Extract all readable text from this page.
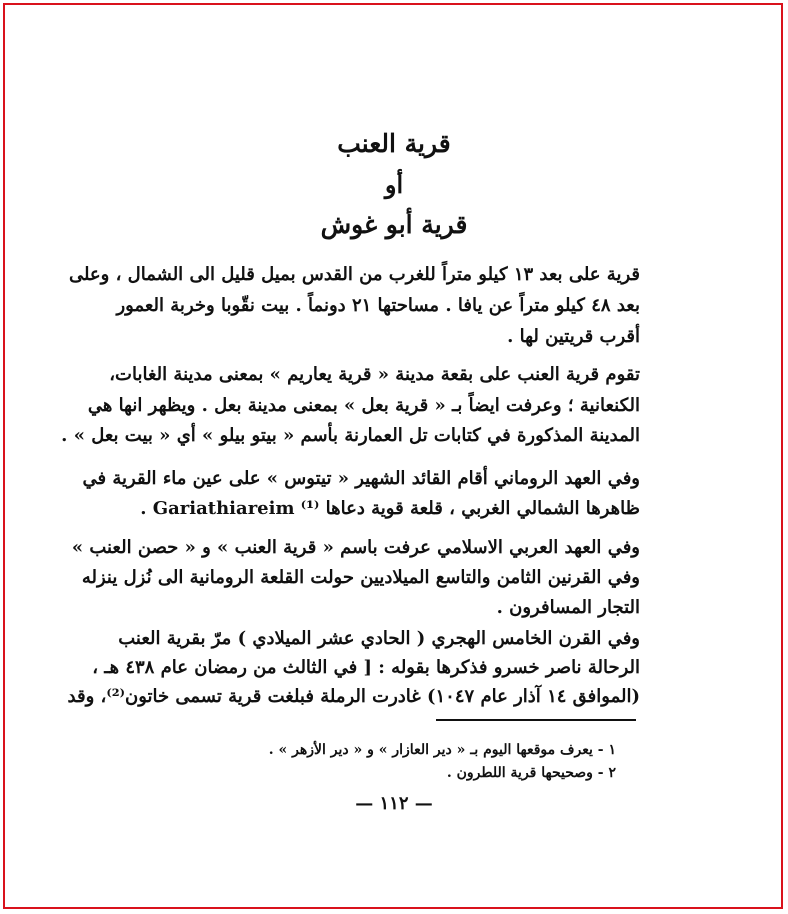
قرية العنب
أو
قرية أبو غوش

قرية على بعد ١٣ كيلو متراً للغرب من القدس بميل قليل الى الشمال ، وعلى

بعد ٤٨ كيلو متراً عن يافا . مساحتها ٢١ دونماً . بيت نقّوبا وخربة العمور

أقرب قريتين لها .

تقوم قرية العنب على بقعة مدينة « قرية يعاريم » بمعنى مدينة الغابات،

الكنعانية ؛ وعرفت ايضاً بـ « قرية بعل » بمعنى مدينة بعل . ويظهر انها هي

المدينة المذكورة في كتابات تل العمارنة بأسم « بيتو بيلو » أي « بيت بعل » .

وفي العهد الروماني أقام القائد الشهير « تيتوس » على عين ماء القرية في

ظاهرها الشمالي الغربي ، قلعة قوية دعاها Gariathiareim ⁽¹⁾ .

وفي العهد العربي الاسلامي عرفت باسم « قرية العنب » و « حصن العنب »

وفي القرنين الثامن والتاسع الميلاديين حولت القلعة الرومانية الى نُزل ينزله

التجار المسافرون .

وفي القرن الخامس الهجري ( الحادي عشر الميلادي ) مرّ بقرية العنب

الرحالة ناصر خسرو فذكرها بقوله : [ في الثالث من رمضان عام ٤٣٨ هـ ،

(الموافق ١٤ آذار عام ١٠٤٧) غادرت الرملة فبلغت قرية تسمى خاتون⁽²⁾، وقد

١ - يعرف موقعها اليوم بـ « دير العازار » و « دير الأزهر » .

٢ - وصحيحها قرية اللطرون .

— ١١٢ —
